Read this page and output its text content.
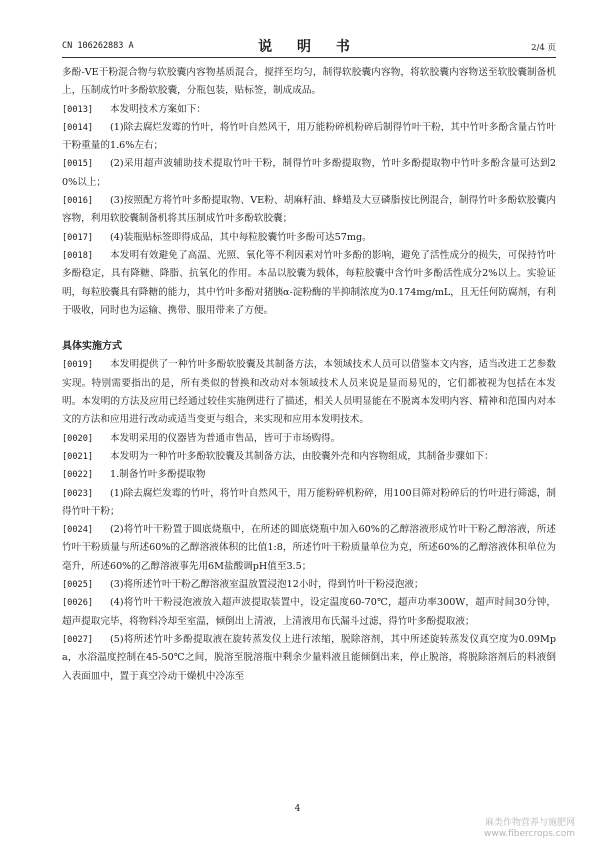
CN 106262883 A	说 明 书	2/4 页

多酚-VE干粉混合物与软胶囊内容物基质混合，搅拌至均匀，制得软胶囊内容物，将软胶囊内容物送至软胶囊制备机上，压制成竹叶多酚软胶囊，分瓶包装，贴标签，制成成品。

[0013] 本发明技术方案如下：

[0014] (1)除去腐烂发霉的竹叶，将竹叶自然风干，用万能粉碎机粉碎后制得竹叶干粉，其中竹叶多酚含量占竹叶干粉重量的1.6%左右；

[0015] (2)采用超声波辅助技术提取竹叶干粉，制得竹叶多酚提取物，竹叶多酚提取物中竹叶多酚含量可达到20%以上；

[0016] (3)按照配方将竹叶多酚提取物、VE粉、胡麻籽油、蜂蜡及大豆磷脂按比例混合，制得竹叶多酚软胶囊内容物，利用软胶囊制备机将其压制成竹叶多酚软胶囊；

[0017] (4)装瓶贴标签即得成品，其中每粒胶囊竹叶多酚可达57mg。

[0018] 本发明有效避免了高温、光照、氧化等不利因素对竹叶多酚的影响，避免了活性成分的损失，可保持竹叶多酚稳定，具有降糖、降脂、抗氧化的作用。本品以胶囊为载体，每粒胶囊中含竹叶多酚活性成分2%以上。实验证明，每粒胶囊具有降糖的能力，其中竹叶多酚对猪胰α-淀粉酶的半抑制浓度为0.174mg/mL，且无任何防腐剂，有利于吸收，同时也为运输、携带、服用带来了方便。

具体实施方式

[0019] 本发明提供了一种竹叶多酚软胶囊及其制备方法，本领域技术人员可以借鉴本文内容，适当改进工艺参数实现。特别需要指出的是，所有类似的替换和改动对本领域技术人员来说是显而易见的，它们都被视为包括在本发明。本发明的方法及应用已经通过较佳实施例进行了描述，相关人员明显能在不脱离本发明内容、精神和范围内对本文的方法和应用进行改动或适当变更与组合，来实现和应用本发明技术。

[0020] 本发明采用的仪器皆为普通市售品，皆可于市场购得。

[0021] 本发明为一种竹叶多酚软胶囊及其制备方法，由胶囊外壳和内容物组成，其制备步骤如下：

[0022] 1.制备竹叶多酚提取物

[0023] (1)除去腐烂发霉的竹叶，将竹叶自然风干，用万能粉碎机粉碎，用100目筛对粉碎后的竹叶进行筛滤，制得竹叶干粉；

[0024] (2)将竹叶干粉置于圆底烧瓶中，在所述的圆底烧瓶中加入60%的乙醇溶液形成竹叶干粉乙醇溶液，所述竹叶干粉质量与所述60%的乙醇溶液体积的比值1:8，所述竹叶干粉质量单位为克，所述60%的乙醇溶液体积单位为毫升，所述60%的乙醇溶液事先用6M盐酸调pH值至3.5；

[0025] (3)将所述竹叶干粉乙醇溶液室温放置浸泡12小时，得到竹叶干粉浸泡液；

[0026] (4)将竹叶干粉浸泡液放入超声波提取装置中，设定温度60-70℃，超声功率300W，超声时间30分钟，超声提取完毕，将物料冷却至室温，倾倒出上清液，上清液用布氏漏斗过滤，得竹叶多酚提取液；

[0027] (5)将所述竹叶多酚提取液在旋转蒸发仪上进行浓缩，脱除溶剂，其中所述旋转蒸发仪真空度为0.09Mpa，水浴温度控制在45-50℃之间，脱溶至脱溶瓶中剩余少量料液且能倾倒出来，停止脱溶，将脱除溶剂后的料液倒入表面皿中，置于真空冷动干燥机中冷冻至

4
麻类作物营养与施肥网
www.fibercrops.com
